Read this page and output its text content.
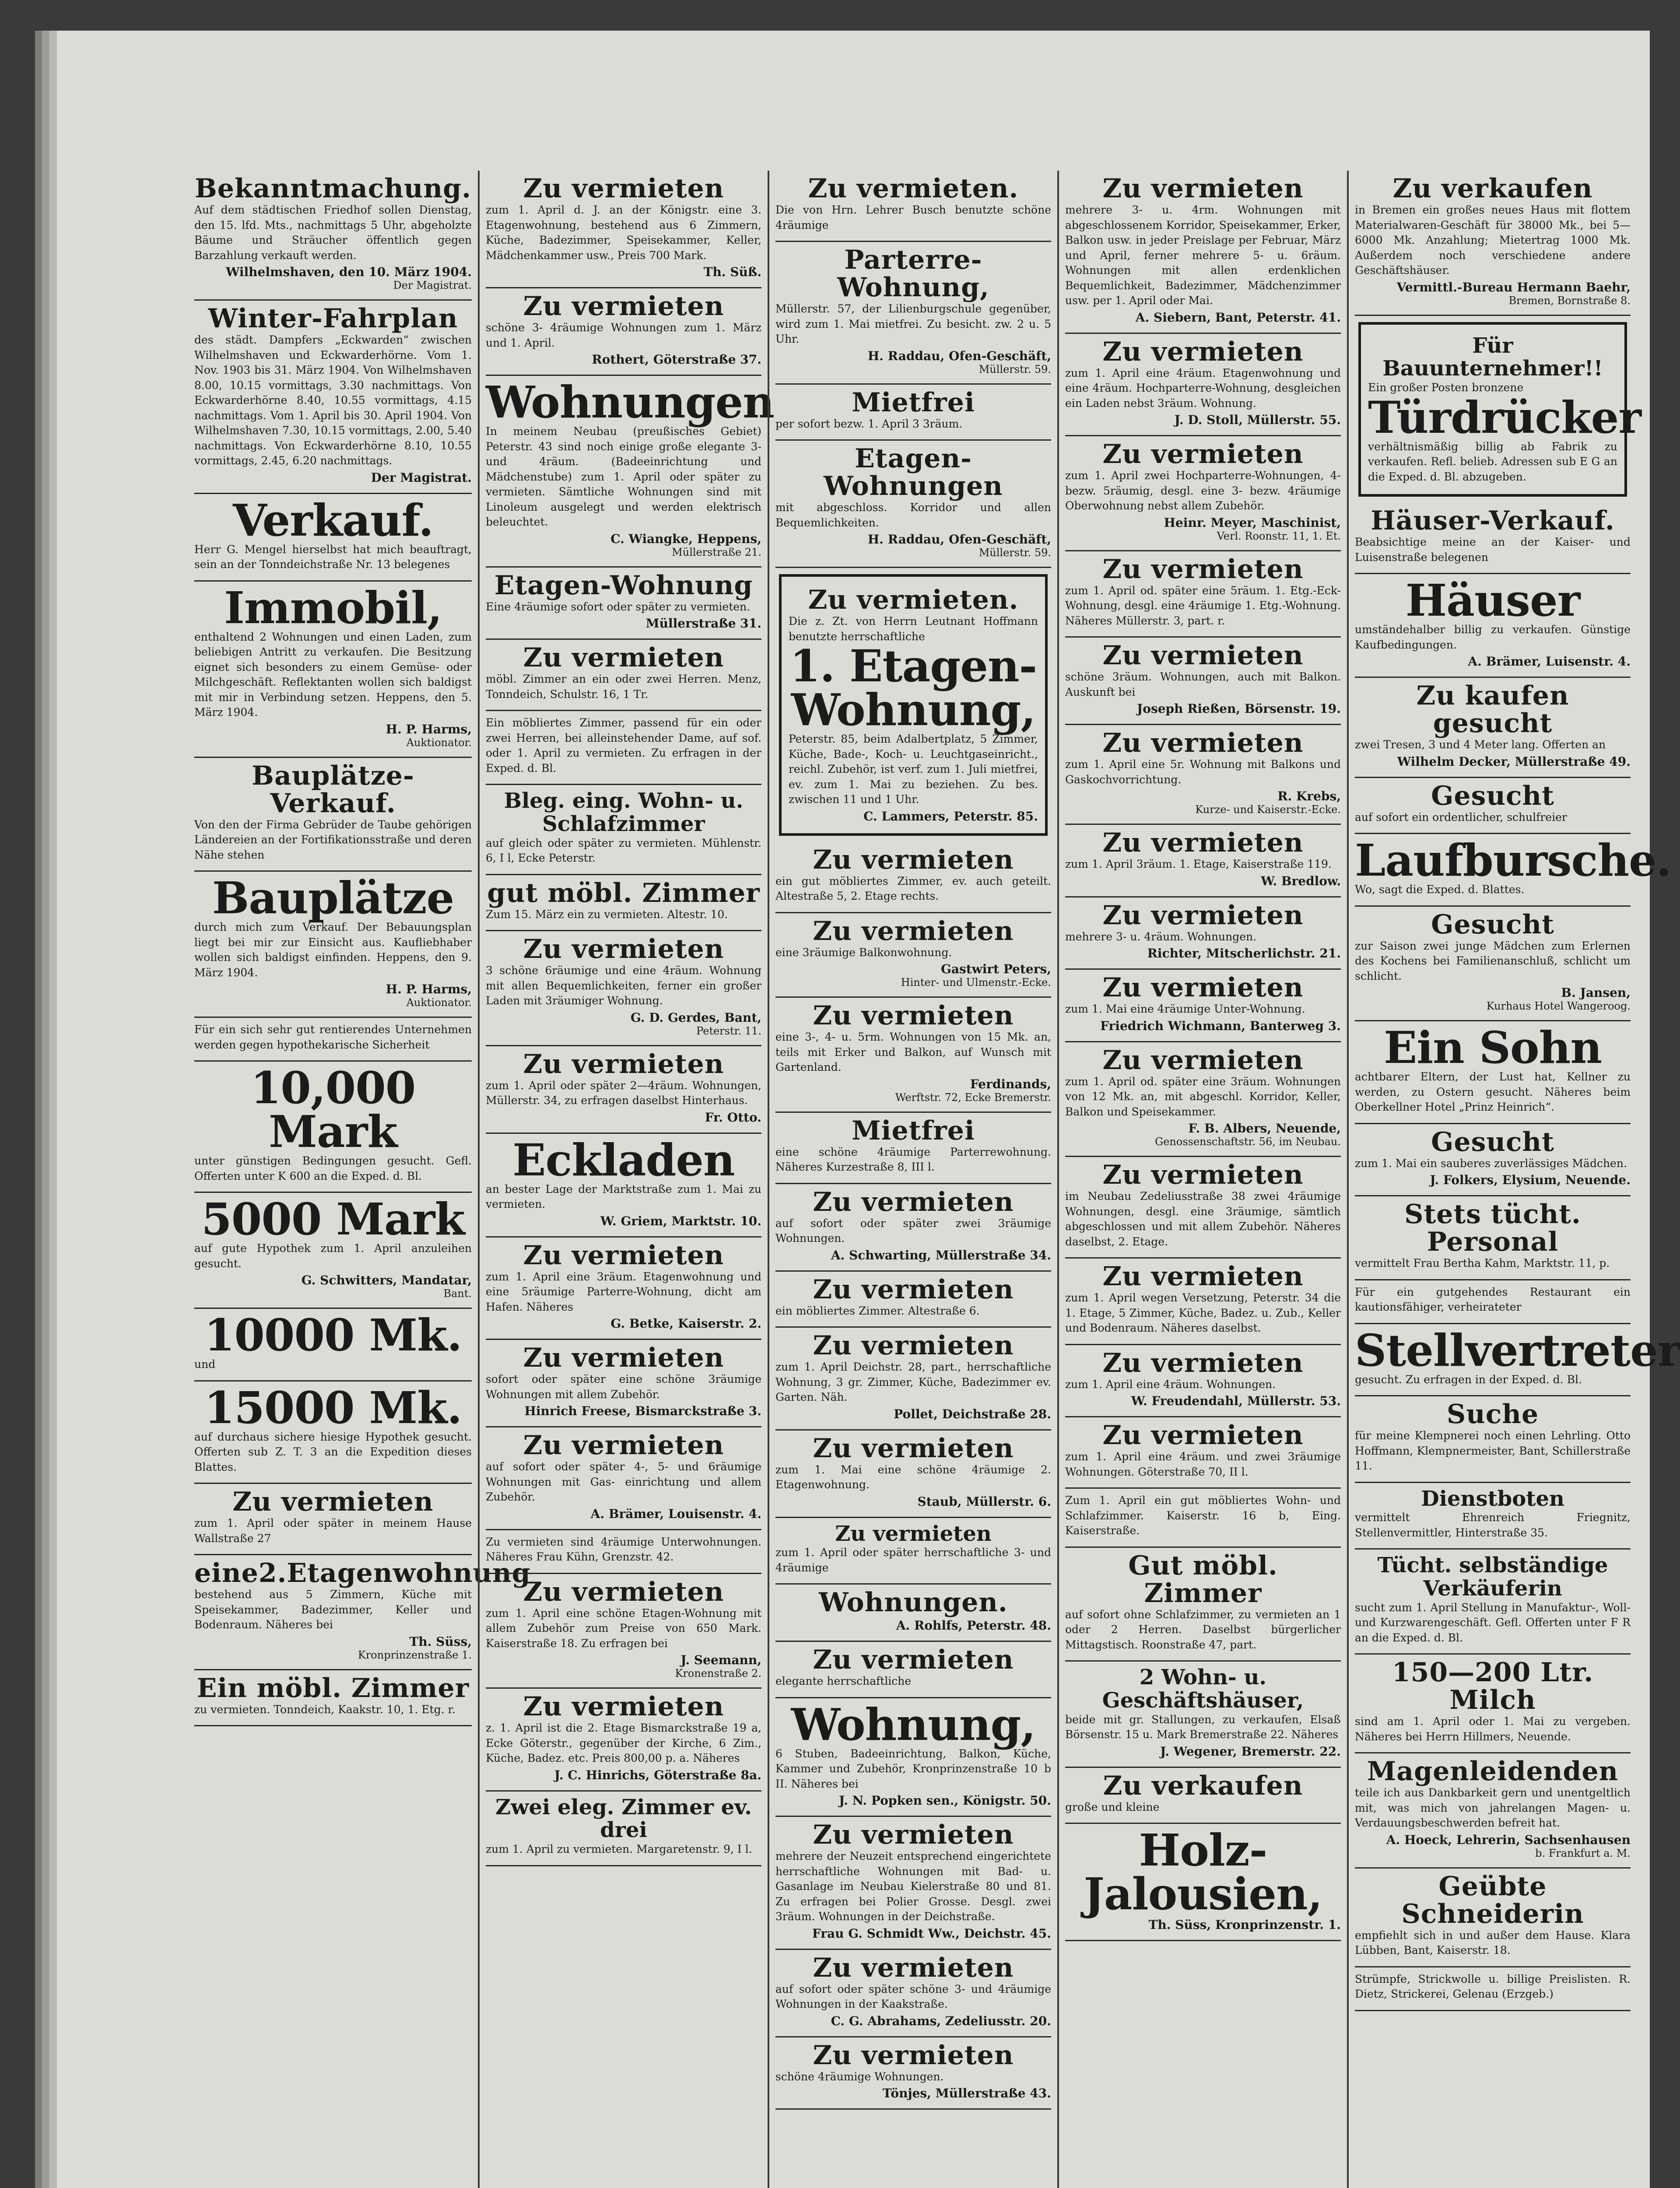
Bekanntmachung.
Auf dem städtischen Friedhof sollen Dienstag, den 15. lfd. Mts., nachmittags 5 Uhr, abgeholzte Bäume und Sträucher öffentlich gegen Barzahlung verkauft werden.
Wilhelmshaven, den 10. März 1904.
Der Magistrat.
Winter-Fahrplan
des städt. Dampfers „Eckwarden“ zwischen Wilhelmshaven und Eckwarderhörne. Vom 1. Nov. 1903 bis 31. März 1904. Von Wilhelmshaven 8.00, 10.15 vormittags, 3.30 nachmittags. Von Eckwarderhörne 8.40, 10.55 vormittags, 4.15 nachmittags. Vom 1. April bis 30. April 1904. Von Wilhelmshaven 7.30, 10.15 vormittags, 2.00, 5.40 nachmittags. Von Eckwarderhörne 8.10, 10.55 vormittags, 2.45, 6.20 nachmittags.
Der Magistrat.
Verkauf.
Herr G. Mengel hierselbst hat mich beauftragt, sein an der Tonndeichstraße Nr. 13 belegenes
Immobil,
enthaltend 2 Wohnungen und einen Laden, zum beliebigen Antritt zu verkaufen. Die Besitzung eignet sich besonders zu einem Gemüse- oder Milchgeschäft. Reflektanten wollen sich baldigst mit mir in Verbindung setzen. Heppens, den 5. März 1904.
H. P. Harms,
Auktionator.
Bauplätze-Verkauf.
Von den der Firma Gebrüder de Taube gehörigen Ländereien an der Fortifikationsstraße und deren Nähe stehen
Bauplätze
durch mich zum Verkauf. Der Bebauungsplan liegt bei mir zur Einsicht aus. Kaufliebhaber wollen sich baldigst einfinden. Heppens, den 9. März 1904.
H. P. Harms,
Auktionator.
Für ein sich sehr gut rentierendes Unternehmen werden gegen hypothekarische Sicherheit
10,000 Mark
unter günstigen Bedingungen gesucht. Gefl. Offerten unter K 600 an die Exped. d. Bl.
5000 Mark
auf gute Hypothek zum 1. April anzuleihen gesucht.
G. Schwitters, Mandatar,
Bant.
10000 Mk.
und
15000 Mk.
auf durchaus sichere hiesige Hypothek gesucht. Offerten sub Z. T. 3 an die Expedition dieses Blattes.
Zu vermieten
zum 1. April oder später in meinem Hause Wallstraße 27
eine2.Etagenwohnung
bestehend aus 5 Zimmern, Küche mit Speisekammer, Badezimmer, Keller und Bodenraum. Näheres bei
Th. Süss,
Kronprinzenstraße 1.
Ein möbl. Zimmer
zu vermieten. Tonndeich, Kaakstr. 10, 1. Etg. r.
Zu vermieten
zum 1. April d. J. an der Königstr. eine 3. Etagenwohnung, bestehend aus 6 Zimmern, Küche, Badezimmer, Speisekammer, Keller, Mädchenkammer usw., Preis 700 Mark.
Th. Süß.
Zu vermieten
schöne 3- 4räumige Wohnungen zum 1. März und 1. April.
Rothert, Göterstraße 37.
Wohnungen
In meinem Neubau (preußisches Gebiet) Peterstr. 43 sind noch einige große elegante 3- und 4räum. (Badeeinrichtung und Mädchenstube) zum 1. April oder später zu vermieten. Sämtliche Wohnungen sind mit Linoleum ausgelegt und werden elektrisch beleuchtet.
C. Wiangke, Heppens,
Müllerstraße 21.
Etagen-Wohnung
Eine 4räumige sofort oder später zu vermieten.
Müllerstraße 31.
Zu vermieten
möbl. Zimmer an ein oder zwei Herren. Menz, Tonndeich, Schulstr. 16, 1 Tr.
Ein möbliertes Zimmer, passend für ein oder zwei Herren, bei alleinstehender Dame, auf sof. oder 1. April zu vermieten. Zu erfragen in der Exped. d. Bl.
Bleg. eing. Wohn- u. Schlafzimmer
auf gleich oder später zu vermieten. Mühlenstr. 6, I l, Ecke Peterstr.
gut möbl. Zimmer
Zum 15. März ein zu vermieten. Altestr. 10.
Zu vermieten
3 schöne 6räumige und eine 4räum. Wohnung mit allen Bequemlichkeiten, ferner ein großer Laden mit 3räumiger Wohnung.
G. D. Gerdes, Bant,
Peterstr. 11.
Zu vermieten
zum 1. April oder später 2—4räum. Wohnungen, Müllerstr. 34, zu erfragen daselbst Hinterhaus.
Fr. Otto.
Eckladen
an bester Lage der Marktstraße zum 1. Mai zu vermieten.
W. Griem, Marktstr. 10.
Zu vermieten
zum 1. April eine 3räum. Etagenwohnung und eine 5räumige Parterre-Wohnung, dicht am Hafen. Näheres
G. Betke, Kaiserstr. 2.
Zu vermieten
sofort oder später eine schöne 3räumige Wohnungen mit allem Zubehör.
Hinrich Freese, Bismarckstraße 3.
Zu vermieten
auf sofort oder später 4-, 5- und 6räumige Wohnungen mit Gas- einrichtung und allem Zubehör.
A. Brämer, Louisenstr. 4.
Zu vermieten sind 4räumige Unterwohnungen. Näheres Frau Kühn, Grenzstr. 42.
Zu vermieten
zum 1. April eine schöne Etagen-Wohnung mit allem Zubehör zum Preise von 650 Mark. Kaiserstraße 18. Zu erfragen bei
J. Seemann,
Kronenstraße 2.
Zu vermieten
z. 1. April ist die 2. Etage Bismarckstraße 19 a, Ecke Göterstr., gegenüber der Kirche, 6 Zim., Küche, Badez. etc. Preis 800,00 p. a. Näheres
J. C. Hinrichs, Göterstraße 8a.
Zwei eleg. Zimmer ev. drei
zum 1. April zu vermieten. Margaretenstr. 9, I l.
Zu vermieten.
Die von Hrn. Lehrer Busch benutzte schöne 4räumige
Parterre-Wohnung,
Müllerstr. 57, der Lilienburgschule gegenüber, wird zum 1. Mai mietfrei. Zu besicht. zw. 2 u. 5 Uhr.
H. Raddau, Ofen-Geschäft,
Müllerstr. 59.
Mietfrei
per sofort bezw. 1. April 3 3räum.
Etagen-Wohnungen
mit abgeschloss. Korridor und allen Bequemlichkeiten.
H. Raddau, Ofen-Geschäft,
Müllerstr. 59.
Zu vermieten.
Die z. Zt. von Herrn Leutnant Hoffmann benutzte herrschaftliche
1. Etagen-Wohnung,
Peterstr. 85, beim Adalbertplatz, 5 Zimmer, Küche, Bade-, Koch- u. Leuchtgaseinricht., reichl. Zubehör, ist verf. zum 1. Juli mietfrei, ev. zum 1. Mai zu beziehen. Zu bes. zwischen 11 und 1 Uhr.
C. Lammers, Peterstr. 85.
Zu vermieten
ein gut möbliertes Zimmer, ev. auch geteilt. Altestraße 5, 2. Etage rechts.
Zu vermieten
eine 3räumige Balkonwohnung.
Gastwirt Peters,
Hinter- und Ulmenstr.-Ecke.
Zu vermieten
eine 3-, 4- u. 5rm. Wohnungen von 15 Mk. an, teils mit Erker und Balkon, auf Wunsch mit Gartenland.
Ferdinands,
Werftstr. 72, Ecke Bremerstr.
Mietfrei
eine schöne 4räumige Parterrewohnung. Näheres Kurzestraße 8, III l.
Zu vermieten
auf sofort oder später zwei 3räumige Wohnungen.
A. Schwarting, Müllerstraße 34.
Zu vermieten
ein möbliertes Zimmer. Altestraße 6.
Zu vermieten
zum 1. April Deichstr. 28, part., herrschaftliche Wohnung, 3 gr. Zimmer, Küche, Badezimmer ev. Garten. Näh.
Pollet, Deichstraße 28.
Zu vermieten
zum 1. Mai eine schöne 4räumige 2. Etagenwohnung.
Staub, Müllerstr. 6.
Zu vermieten
zum 1. April oder später herrschaftliche 3- und 4räumige
Wohnungen.
A. Rohlfs, Peterstr. 48.
Zu vermieten
elegante herrschaftliche
Wohnung,
6 Stuben, Badeeinrichtung, Balkon, Küche, Kammer und Zubehör, Kronprinzenstraße 10 b II. Näheres bei
J. N. Popken sen., Königstr. 50.
Zu vermieten
mehrere der Neuzeit entsprechend eingerichtete herrschaftliche Wohnungen mit Bad- u. Gasanlage im Neubau Kielerstraße 80 und 81. Zu erfragen bei Polier Grosse. Desgl. zwei 3räum. Wohnungen in der Deichstraße.
Frau G. Schmidt Ww., Deichstr. 45.
Zu vermieten
auf sofort oder später schöne 3- und 4räumige Wohnungen in der Kaakstraße.
C. G. Abrahams, Zedeliusstr. 20.
Zu vermieten
schöne 4räumige Wohnungen.
Tönjes, Müllerstraße 43.
Zu vermieten
mehrere 3- u. 4rm. Wohnungen mit abgeschlossenem Korridor, Speisekammer, Erker, Balkon usw. in jeder Preislage per Februar, März und April, ferner mehrere 5- u. 6räum. Wohnungen mit allen erdenklichen Bequemlichkeit, Badezimmer, Mädchenzimmer usw. per 1. April oder Mai.
A. Siebern, Bant, Peterstr. 41.
Zu vermieten
zum 1. April eine 4räum. Etagenwohnung und eine 4räum. Hochparterre-Wohnung, desgleichen ein Laden nebst 3räum. Wohnung.
J. D. Stoll, Müllerstr. 55.
Zu vermieten
zum 1. April zwei Hochparterre-Wohnungen, 4- bezw. 5räumig, desgl. eine 3- bezw. 4räumige Oberwohnung nebst allem Zubehör.
Heinr. Meyer, Maschinist,
Verl. Roonstr. 11, 1. Et.
Zu vermieten
zum 1. April od. später eine 5räum. 1. Etg.-Eck-Wohnung, desgl. eine 4räumige 1. Etg.-Wohnung. Näheres Müllerstr. 3, part. r.
Zu vermieten
schöne 3räum. Wohnungen, auch mit Balkon. Auskunft bei
Joseph Rießen, Börsenstr. 19.
Zu vermieten
zum 1. April eine 5r. Wohnung mit Balkons und Gaskochvorrichtung.
R. Krebs,
Kurze- und Kaiserstr.-Ecke.
Zu vermieten
zum 1. April 3räum. 1. Etage, Kaiserstraße 119.
W. Bredlow.
Zu vermieten
mehrere 3- u. 4räum. Wohnungen.
Richter, Mitscherlichstr. 21.
Zu vermieten
zum 1. Mai eine 4räumige Unter-Wohnung.
Friedrich Wichmann, Banterweg 3.
Zu vermieten
zum 1. April od. später eine 3räum. Wohnungen von 12 Mk. an, mit abgeschl. Korridor, Keller, Balkon und Speisekammer.
F. B. Albers, Neuende,
Genossenschaftstr. 56, im Neubau.
Zu vermieten
im Neubau Zedeliusstraße 38 zwei 4räumige Wohnungen, desgl. eine 3räumige, sämtlich abgeschlossen und mit allem Zubehör. Näheres daselbst, 2. Etage.
Zu vermieten
zum 1. April wegen Versetzung, Peterstr. 34 die 1. Etage, 5 Zimmer, Küche, Badez. u. Zub., Keller und Bodenraum. Näheres daselbst.
Zu vermieten
zum 1. April eine 4räum. Wohnungen.
W. Freudendahl, Müllerstr. 53.
Zu vermieten
zum 1. April eine 4räum. und zwei 3räumige Wohnungen. Göterstraße 70, II l.
Zum 1. April ein gut möbliertes Wohn- und Schlafzimmer. Kaiserstr. 16 b, Eing. Kaiserstraße.
Gut möbl. Zimmer
auf sofort ohne Schlafzimmer, zu vermieten an 1 oder 2 Herren. Daselbst bürgerlicher Mittagstisch. Roonstraße 47, part.
2 Wohn- u. Geschäftshäuser,
beide mit gr. Stallungen, zu verkaufen, Elsaß Börsenstr. 15 u. Mark Bremerstraße 22. Näheres
J. Wegener, Bremerstr. 22.
Zu verkaufen
große und kleine
Holz-Jalousien,
Th. Süss, Kronprinzenstr. 1.
Zu verkaufen
in Bremen ein großes neues Haus mit flottem Materialwaren-Geschäft für 38000 Mk., bei 5—6000 Mk. Anzahlung; Mietertrag 1000 Mk. Außerdem noch verschiedene andere Geschäftshäuser.
Vermittl.-Bureau Hermann Baehr,
Bremen, Bornstraße 8.
Für Bauunternehmer!!
Ein großer Posten bronzene
Türdrücker
verhältnismäßig billig ab Fabrik zu verkaufen. Refl. belieb. Adressen sub E G an die Exped. d. Bl. abzugeben.
Häuser-Verkauf.
Beabsichtige meine an der Kaiser- und Luisenstraße belegenen
Häuser
umständehalber billig zu verkaufen. Günstige Kaufbedingungen.
A. Brämer, Luisenstr. 4.
Zu kaufen gesucht
zwei Tresen, 3 und 4 Meter lang. Offerten an
Wilhelm Decker, Müllerstraße 49.
Gesucht
auf sofort ein ordentlicher, schulfreier
Laufbursche.
Wo, sagt die Exped. d. Blattes.
Gesucht
zur Saison zwei junge Mädchen zum Erlernen des Kochens bei Familienanschluß, schlicht um schlicht.
B. Jansen,
Kurhaus Hotel Wangeroog.
Ein Sohn
achtbarer Eltern, der Lust hat, Kellner zu werden, zu Ostern gesucht. Näheres beim Oberkellner Hotel „Prinz Heinrich“.
Gesucht
zum 1. Mai ein sauberes zuverlässiges Mädchen.
J. Folkers, Elysium, Neuende.
Stets tücht. Personal
vermittelt Frau Bertha Kahm, Marktstr. 11, p.
Für ein gutgehendes Restaurant ein kautionsfähiger, verheirateter
Stellvertreter
gesucht. Zu erfragen in der Exped. d. Bl.
Suche
für meine Klempnerei noch einen Lehrling. Otto Hoffmann, Klempnermeister, Bant, Schillerstraße 11.
Dienstboten
vermittelt Ehrenreich Friegnitz, Stellenvermittler, Hinterstraße 35.
Tücht. selbständige Verkäuferin
sucht zum 1. April Stellung in Manufaktur-, Woll- und Kurzwarengeschäft. Gefl. Offerten unter F R an die Exped. d. Bl.
150—200 Ltr. Milch
sind am 1. April oder 1. Mai zu vergeben. Näheres bei Herrn Hillmers, Neuende.
Magenleidenden
teile ich aus Dankbarkeit gern und unentgeltlich mit, was mich von jahrelangen Magen- u. Verdauungsbeschwerden befreit hat.
A. Hoeck, Lehrerin, Sachsenhausen
b. Frankfurt a. M.
Geübte Schneiderin
empfiehlt sich in und außer dem Hause. Klara Lübben, Bant, Kaiserstr. 18.
Strümpfe, Strickwolle u. billige Preislisten. R. Dietz, Strickerei, Gelenau (Erzgeb.)
